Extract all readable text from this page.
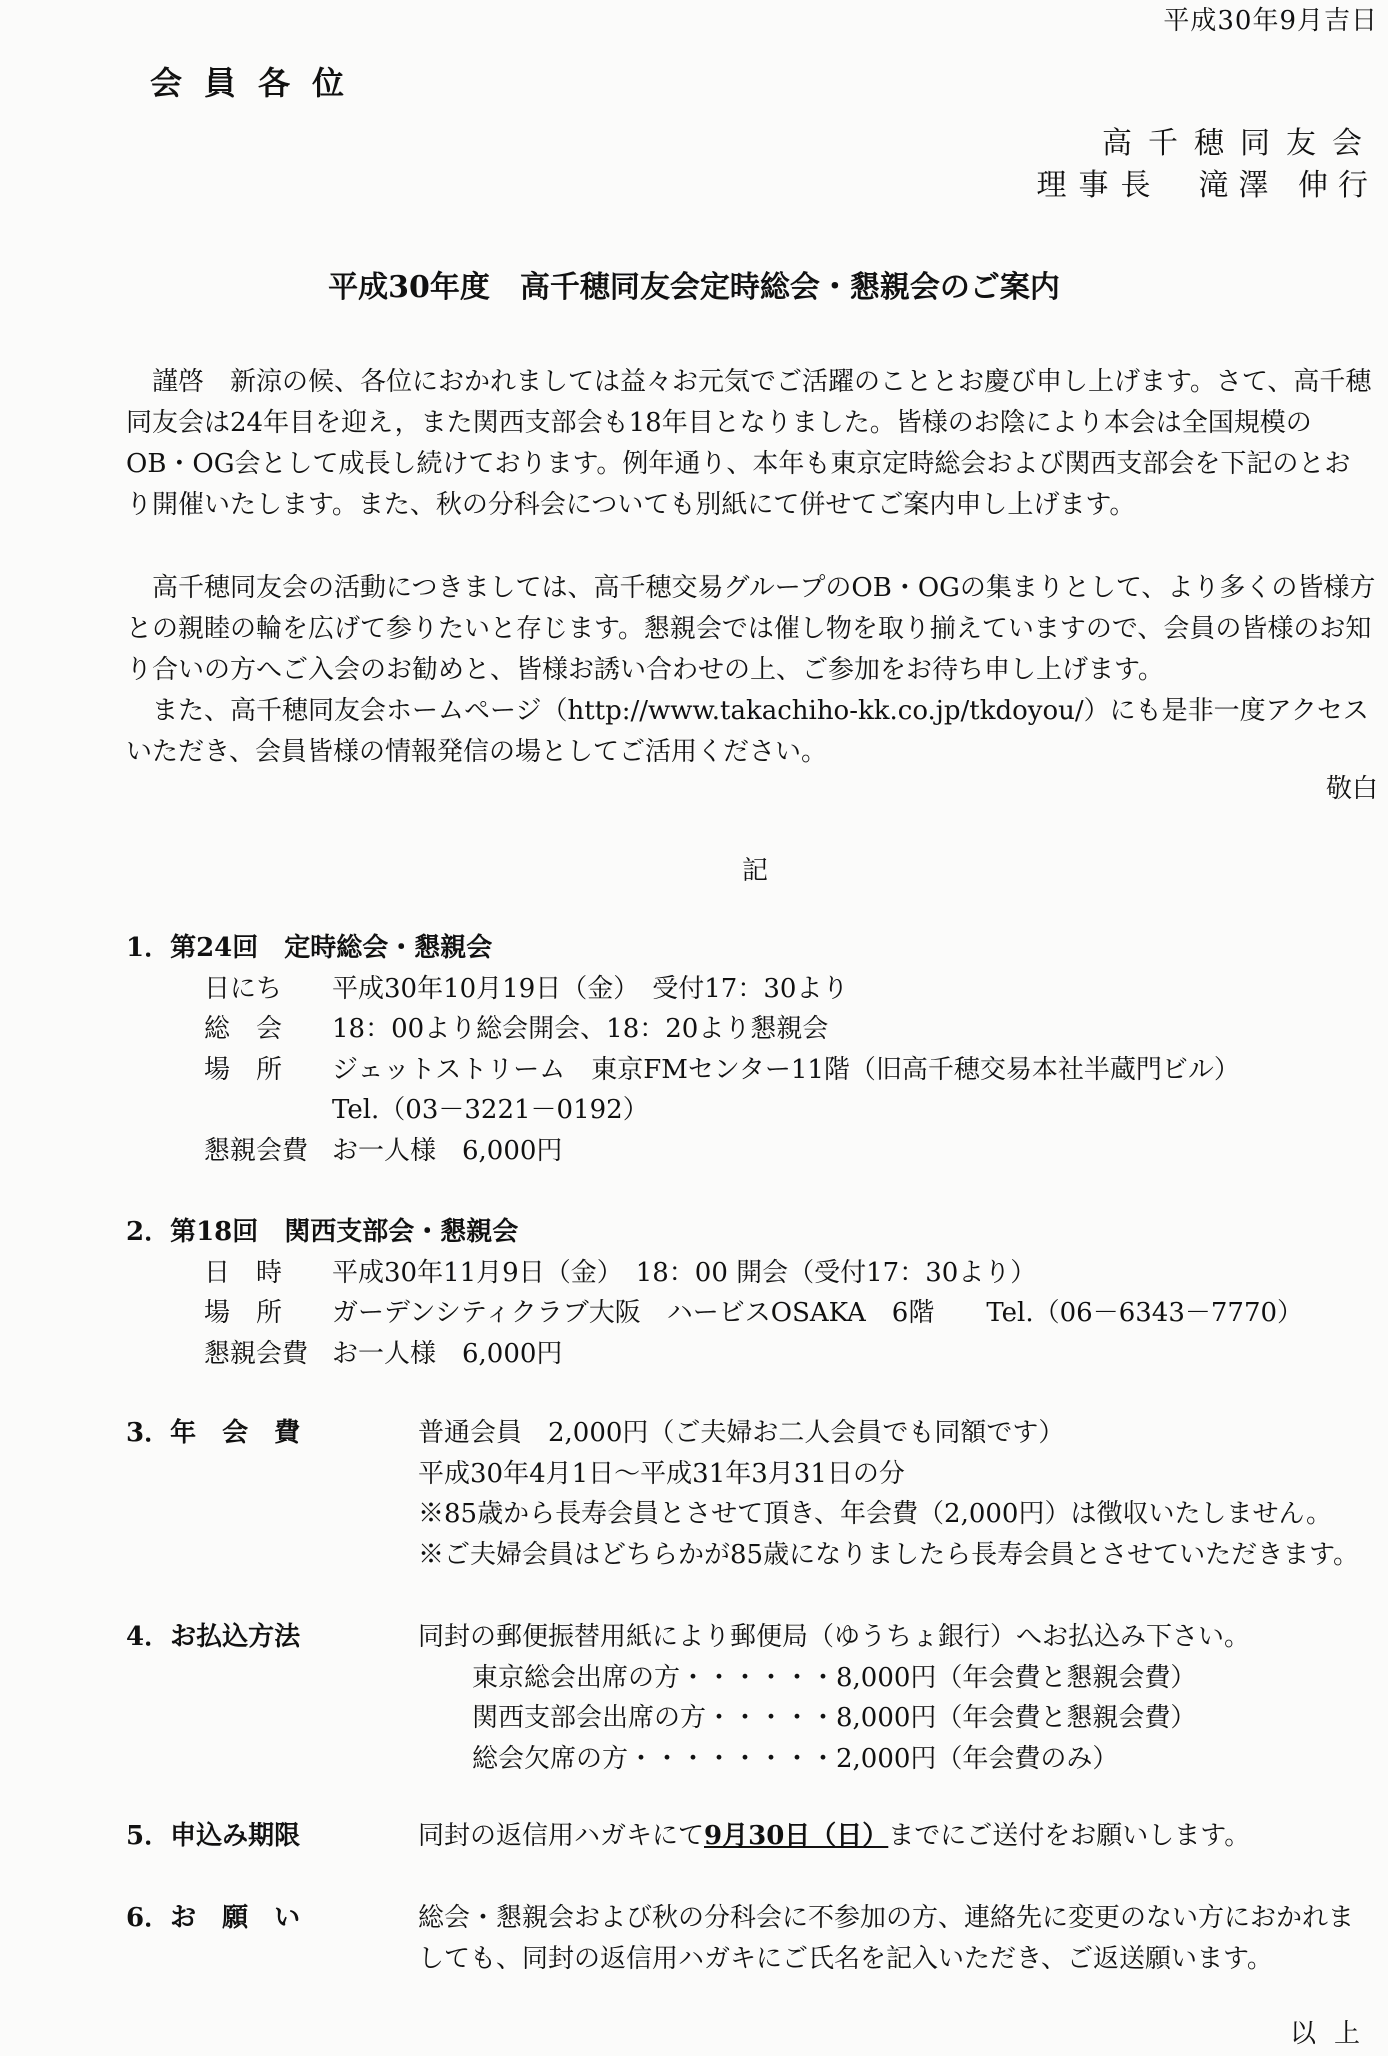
平成30年9月吉日
会員各位
高千穂同友会
理事長 滝澤 伸行
平成30年度　高千穂同友会定時総会・懇親会のご案内
謹啓　新涼の候、各位におかれましては益々お元気でご活躍のこととお慶び申し上げます。さて、高千穂同友会は24年目を迎え，また関西支部会も18年目となりました。皆様のお陰により本会は全国規模のOB・OG会として成長し続けております。例年通り、本年も東京定時総会および関西支部会を下記のとおり開催いたします。また、秋の分科会についても別紙にて併せてご案内申し上げます。
高千穂同友会の活動につきましては、高千穂交易グループのOB・OGの集まりとして、より多くの皆様方との親睦の輪を広げて参りたいと存じます。懇親会では催し物を取り揃えていますので、会員の皆様のお知り合いの方へご入会のお勧めと、皆様お誘い合わせの上、ご参加をお待ち申し上げます。
また、高千穂同友会ホームページ（http://www.takachiho-kk.co.jp/tkdoyou/）にも是非一度アクセスいただき、会員皆様の情報発信の場としてご活用ください。
敬白
記
1．第24回　定時総会・懇親会
日にち	平成30年10月19日（金）　受付17：30より
総　会	18：00より総会開会、18：20より懇親会
場　所	ジェットストリーム　東京FMセンター11階（旧高千穂交易本社半蔵門ビル）
Tel.（03－3221－0192）
懇親会費 お一人様　6,000円
2．第18回　関西支部会・懇親会
日　時	平成30年11月9日（金）　18：00 開会（受付17：30より）
場　所	ガーデンシティクラブ大阪　ハービスOSAKA　6階　　Tel.（06－6343－7770）
懇親会費 お一人様　6,000円
3．年　会　費	普通会員　2,000円（ご夫婦お二人会員でも同額です）
平成30年4月1日～平成31年3月31日の分
※85歳から長寿会員とさせて頂き、年会費（2,000円）は徴収いたしません。
※ご夫婦会員はどちらかが85歳になりましたら長寿会員とさせていただきます。
4．お払込方法	同封の郵便振替用紙により郵便局（ゆうちょ銀行）へお払込み下さい。
東京総会出席の方・・・・・・8,000円（年会費と懇親会費）
関西支部会出席の方・・・・・8,000円（年会費と懇親会費）
総会欠席の方・・・・・・・・2,000円（年会費のみ）
5．申込み期限	同封の返信用ハガキにて9月30日（日）までにご送付をお願いします。
6．お　願　い	総会・懇親会および秋の分科会に不参加の方、連絡先に変更のない方におかれま
しても、同封の返信用ハガキにご氏名を記入いただき、ご返送願います。
以上
